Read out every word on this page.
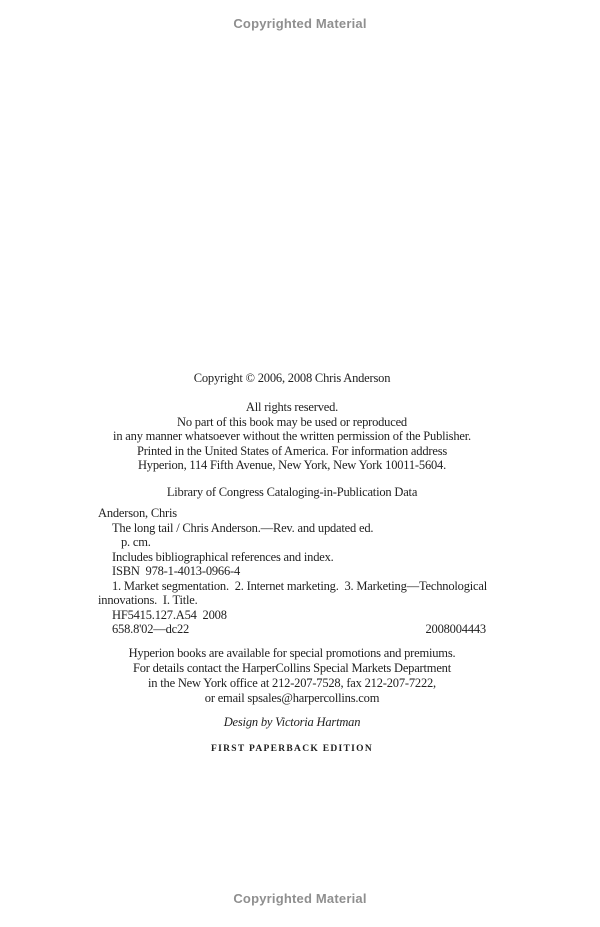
Copyrighted Material
Copyright © 2006, 2008 Chris Anderson
All rights reserved.
No part of this book may be used or reproduced
in any manner whatsoever without the written permission of the Publisher.
Printed in the United States of America. For information address
Hyperion, 114 Fifth Avenue, New York, New York 10011-5604.
Library of Congress Cataloging-in-Publication Data
Anderson, Chris
The long tail / Chris Anderson.—Rev. and updated ed.
p. cm.
Includes bibliographical references and index.
ISBN  978-1-4013-0966-4
1. Market segmentation.  2. Internet marketing.  3. Marketing—Technological
innovations.  I. Title.
HF5415.127.A54  2008
658.8'02—dc22	2008004443
Hyperion books are available for special promotions and premiums.
For details contact the HarperCollins Special Markets Department
in the New York office at 212-207-7528, fax 212-207-7222,
or email spsales@harpercollins.com
Design by Victoria Hartman
FIRST PAPERBACK EDITION
Copyrighted Material
